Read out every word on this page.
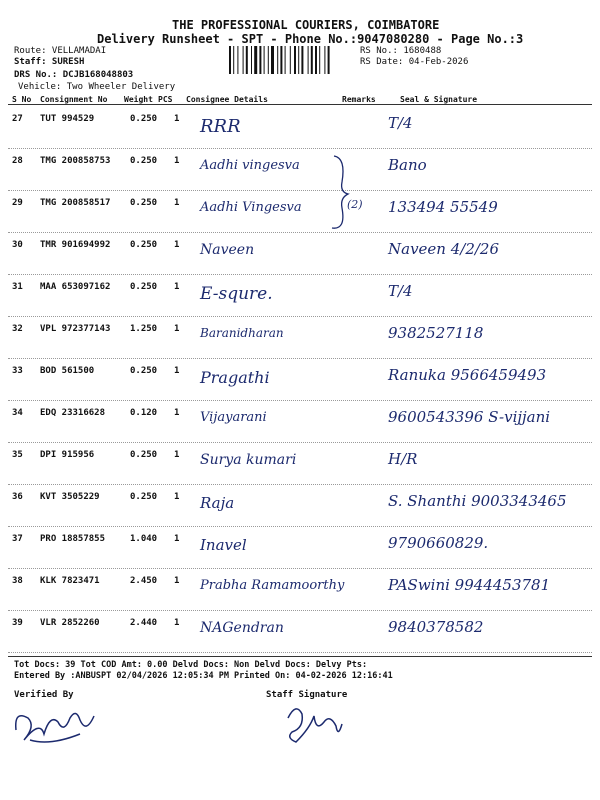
THE PROFESSIONAL COURIERS, COIMBATORE
Delivery Runsheet - SPT - Phone No.:9047080280 - Page No.:3
Route: VELLAMADAI
Staff: SURESH
DRS No.: DCJB168048803
Vehicle: Two Wheeler Delivery
RS No.: 1680488
RS Date: 04-Feb-2026
S No Consignment No Weight PCS Consignee Details	Remarks	Seal & Signature
27 TUT 994529	0.250 1 RRR	T/4
28 TMG 200858753 0.250 1 Aadhi vingesva	Bano
29 TMG 200858517 0.250 1 Aadhi Vingesva	133494 55549
30 TMR 901694992 0.250 1 Naveen	Naveen 4/2/26
31 MAA 653097162 0.250 1 E-squre.	T/4
32 VPL 972377143 1.250 1 Baranidharan	9382527118
33 BOD 561500	0.250 1 Pragathi	Ranuka 9566459493
34 EDQ 23316628	0.120 1 Vijayarani	9600543396 S-vijjani
35 DPI 915956	0.250 1 Surya kumari	H/R
36 KVT 3505229	0.250 1 Raja	S. Shanthi 9003343465
37 PRO 18857855	1.040 1 Inavel	9790660829.
38 KLK 7823471	2.450 1 Prabha Ramamoorthy	PASwini 9944453781
39 VLR 2852260	2.440 1 NAGendran	9840378582
(2)
Tot Docs: 39 Tot COD Amt: 0.00 Delvd Docs: Non Delvd Docs: Delvy Pts:
Entered By :ANBUSPT 02/04/2026 12:05:34 PM Printed On: 04-02-2026 12:16:41
Verified By	Staff Signature
